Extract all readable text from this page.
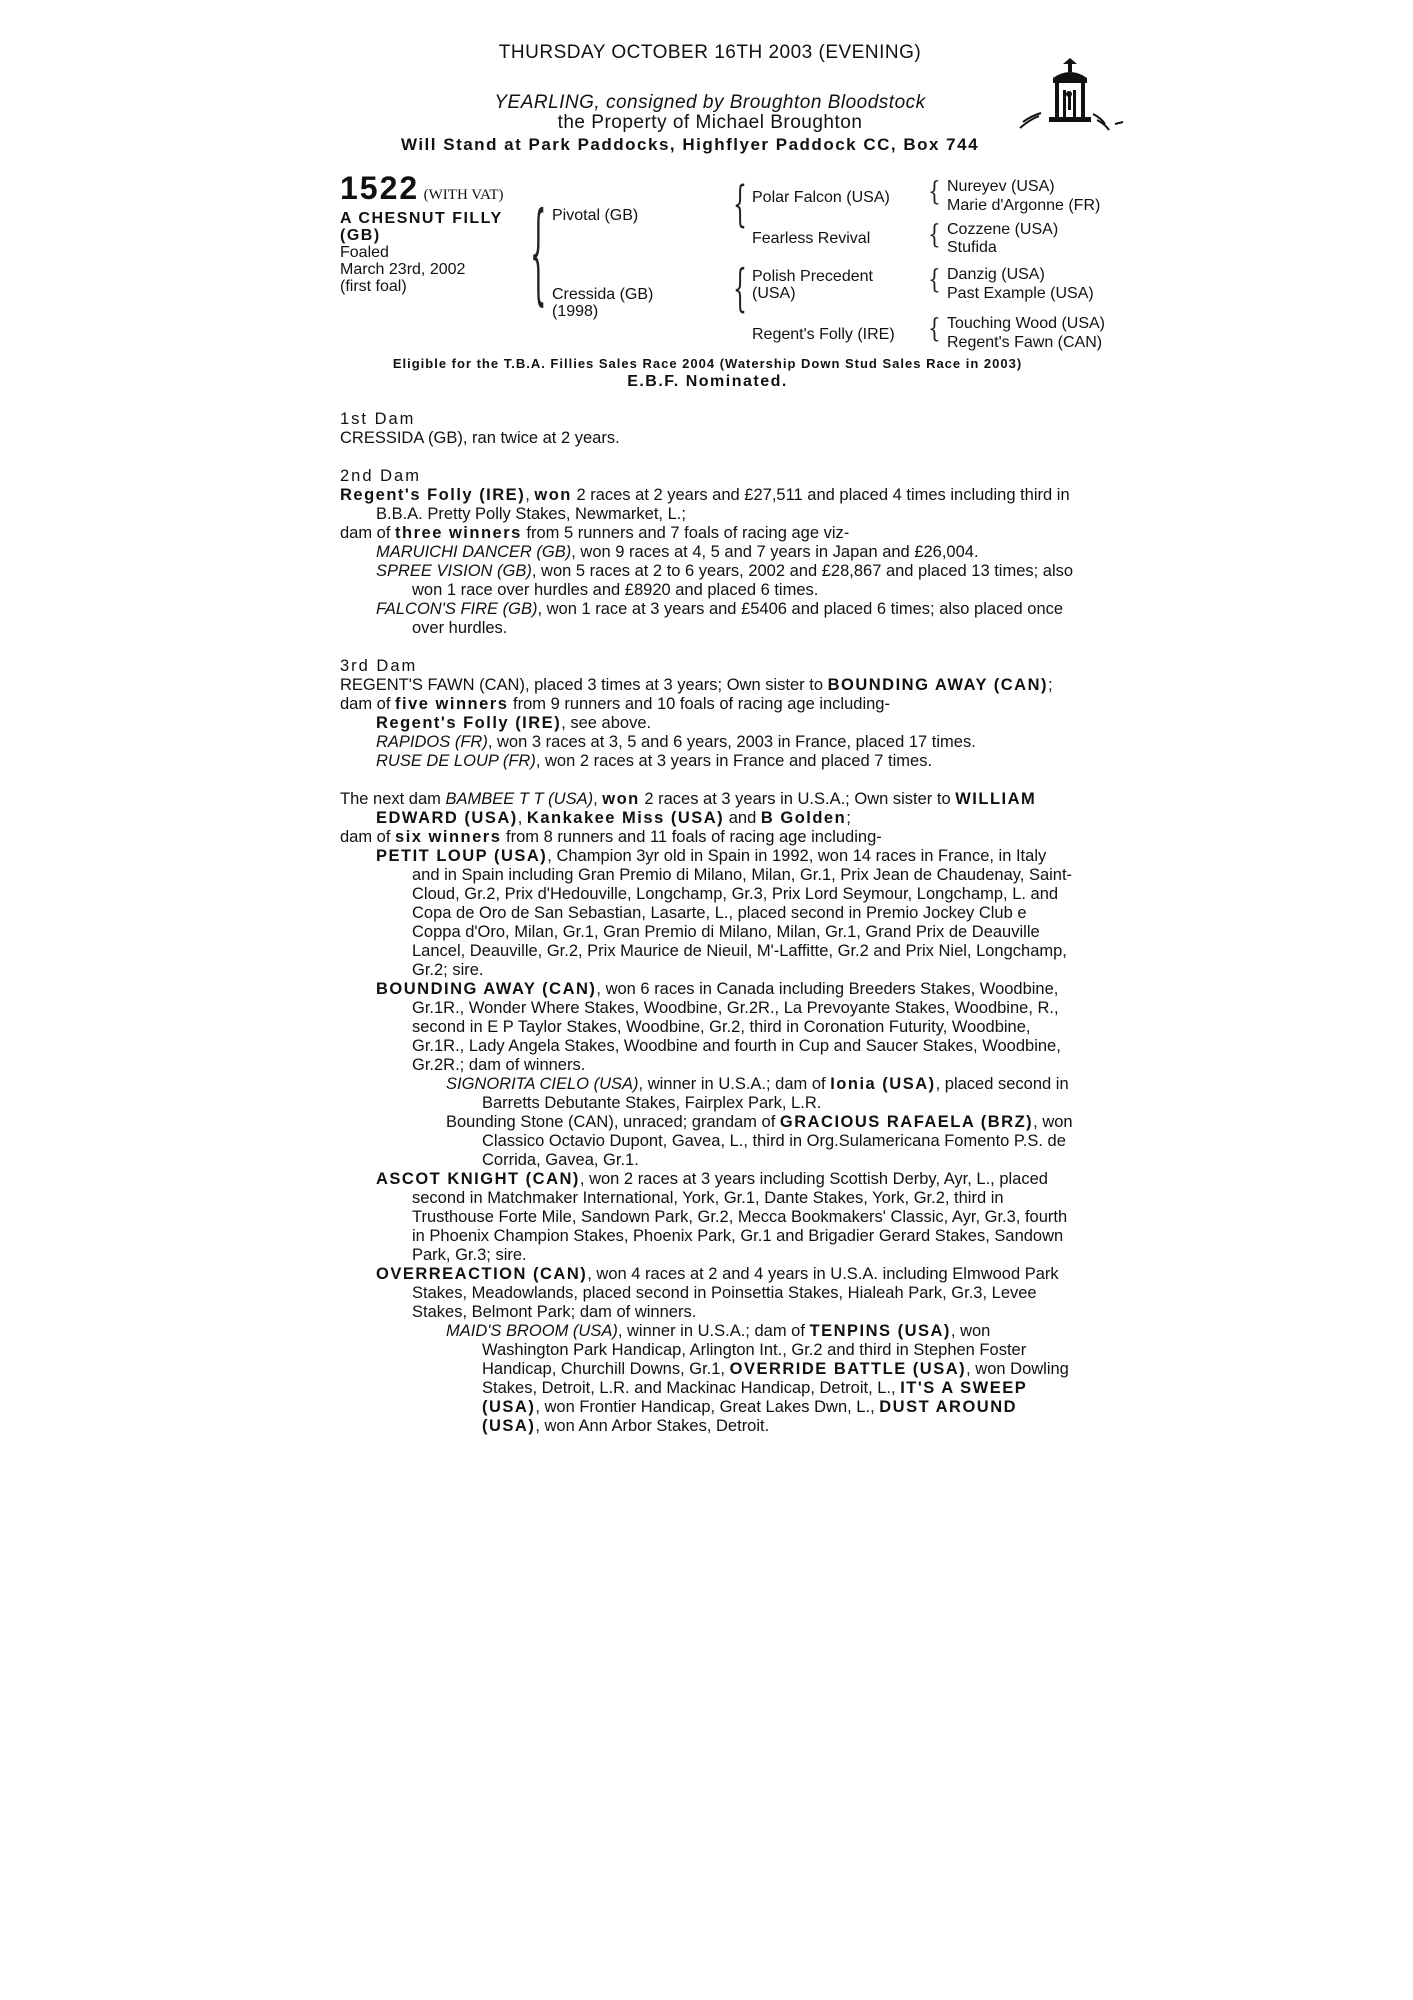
THURSDAY OCTOBER 16TH 2003 (EVENING)
YEARLING, consigned by Broughton Bloodstock
the Property of Michael Broughton
Will Stand at Park Paddocks, Highflyer Paddock CC, Box 744
1522 (WITH VAT)
A CHESNUT FILLY
(GB)
Foaled
March 23rd, 2002
(first foal)	{ Pivotal (GB)
Cressida (GB)
(1998)
{ Polar Falcon (USA)
Fearless Revival
{ Polish Precedent
(USA)
Regent's Folly (IRE)
{ Nureyev (USA)
Marie d'Argonne (FR)
{ Cozzene (USA)
Stufida
{ Danzig (USA)
Past Example (USA)
{ Touching Wood (USA)
Regent's Fawn (CAN)
Eligible for the T.B.A. Fillies Sales Race 2004 (Watership Down Stud Sales Race in 2003)
E.B.F. Nominated.

1st Dam

CRESSIDA (GB), ran twice at 2 years.

2nd Dam

Regent's Folly (IRE), won 2 races at 2 years and £27,511 and placed 4 times including third in B.B.A. Pretty Polly Stakes, Newmarket, L.;

dam of three winners from 5 runners and 7 foals of racing age viz-

MARUICHI DANCER (GB), won 9 races at 4, 5 and 7 years in Japan and £26,004.

SPREE VISION (GB), won 5 races at 2 to 6 years, 2002 and £28,867 and placed 13 times; also won 1 race over hurdles and £8920 and placed 6 times.

FALCON'S FIRE (GB), won 1 race at 3 years and £5406 and placed 6 times; also placed once over hurdles.

3rd Dam

REGENT'S FAWN (CAN), placed 3 times at 3 years; Own sister to BOUNDING AWAY (CAN);

dam of five winners from 9 runners and 10 foals of racing age including-

Regent's Folly (IRE), see above.

RAPIDOS (FR), won 3 races at 3, 5 and 6 years, 2003 in France, placed 17 times.

RUSE DE LOUP (FR), won 2 races at 3 years in France and placed 7 times.

The next dam BAMBEE T T (USA), won 2 races at 3 years in U.S.A.; Own sister to WILLIAM EDWARD (USA), Kankakee Miss (USA) and B Golden;

dam of six winners from 8 runners and 11 foals of racing age including-

PETIT LOUP (USA), Champion 3yr old in Spain in 1992, won 14 races in France, in Italy and in Spain including Gran Premio di Milano, Milan, Gr.1, Prix Jean de Chaudenay, Saint-Cloud, Gr.2, Prix d'Hedouville, Longchamp, Gr.3, Prix Lord Seymour, Longchamp, L. and Copa de Oro de San Sebastian, Lasarte, L., placed second in Premio Jockey Club e Coppa d'Oro, Milan, Gr.1, Gran Premio di Milano, Milan, Gr.1, Grand Prix de Deauville Lancel, Deauville, Gr.2, Prix Maurice de Nieuil, M'-Laffitte, Gr.2 and Prix Niel, Longchamp, Gr.2; sire.

BOUNDING AWAY (CAN), won 6 races in Canada including Breeders Stakes, Woodbine, Gr.1R., Wonder Where Stakes, Woodbine, Gr.2R., La Prevoyante Stakes, Woodbine, R., second in E P Taylor Stakes, Woodbine, Gr.2, third in Coronation Futurity, Woodbine, Gr.1R., Lady Angela Stakes, Woodbine and fourth in Cup and Saucer Stakes, Woodbine, Gr.2R.; dam of winners.

SIGNORITA CIELO (USA), winner in U.S.A.; dam of Ionia (USA), placed second in Barretts Debutante Stakes, Fairplex Park, L.R.

Bounding Stone (CAN), unraced; grandam of GRACIOUS RAFAELA (BRZ), won Classico Octavio Dupont, Gavea, L., third in Org.Sulamericana Fomento P.S. de Corrida, Gavea, Gr.1.

ASCOT KNIGHT (CAN), won 2 races at 3 years including Scottish Derby, Ayr, L., placed second in Matchmaker International, York, Gr.1, Dante Stakes, York, Gr.2, third in Trusthouse Forte Mile, Sandown Park, Gr.2, Mecca Bookmakers' Classic, Ayr, Gr.3, fourth in Phoenix Champion Stakes, Phoenix Park, Gr.1 and Brigadier Gerard Stakes, Sandown Park, Gr.3; sire.

OVERREACTION (CAN), won 4 races at 2 and 4 years in U.S.A. including Elmwood Park Stakes, Meadowlands, placed second in Poinsettia Stakes, Hialeah Park, Gr.3, Levee Stakes, Belmont Park; dam of winners.

MAID'S BROOM (USA), winner in U.S.A.; dam of TENPINS (USA), won Washington Park Handicap, Arlington Int., Gr.2 and third in Stephen Foster Handicap, Churchill Downs, Gr.1, OVERRIDE BATTLE (USA), won Dowling Stakes, Detroit, L.R. and Mackinac Handicap, Detroit, L., IT'S A SWEEP (USA), won Frontier Handicap, Great Lakes Dwn, L., DUST AROUND (USA), won Ann Arbor Stakes, Detroit.
